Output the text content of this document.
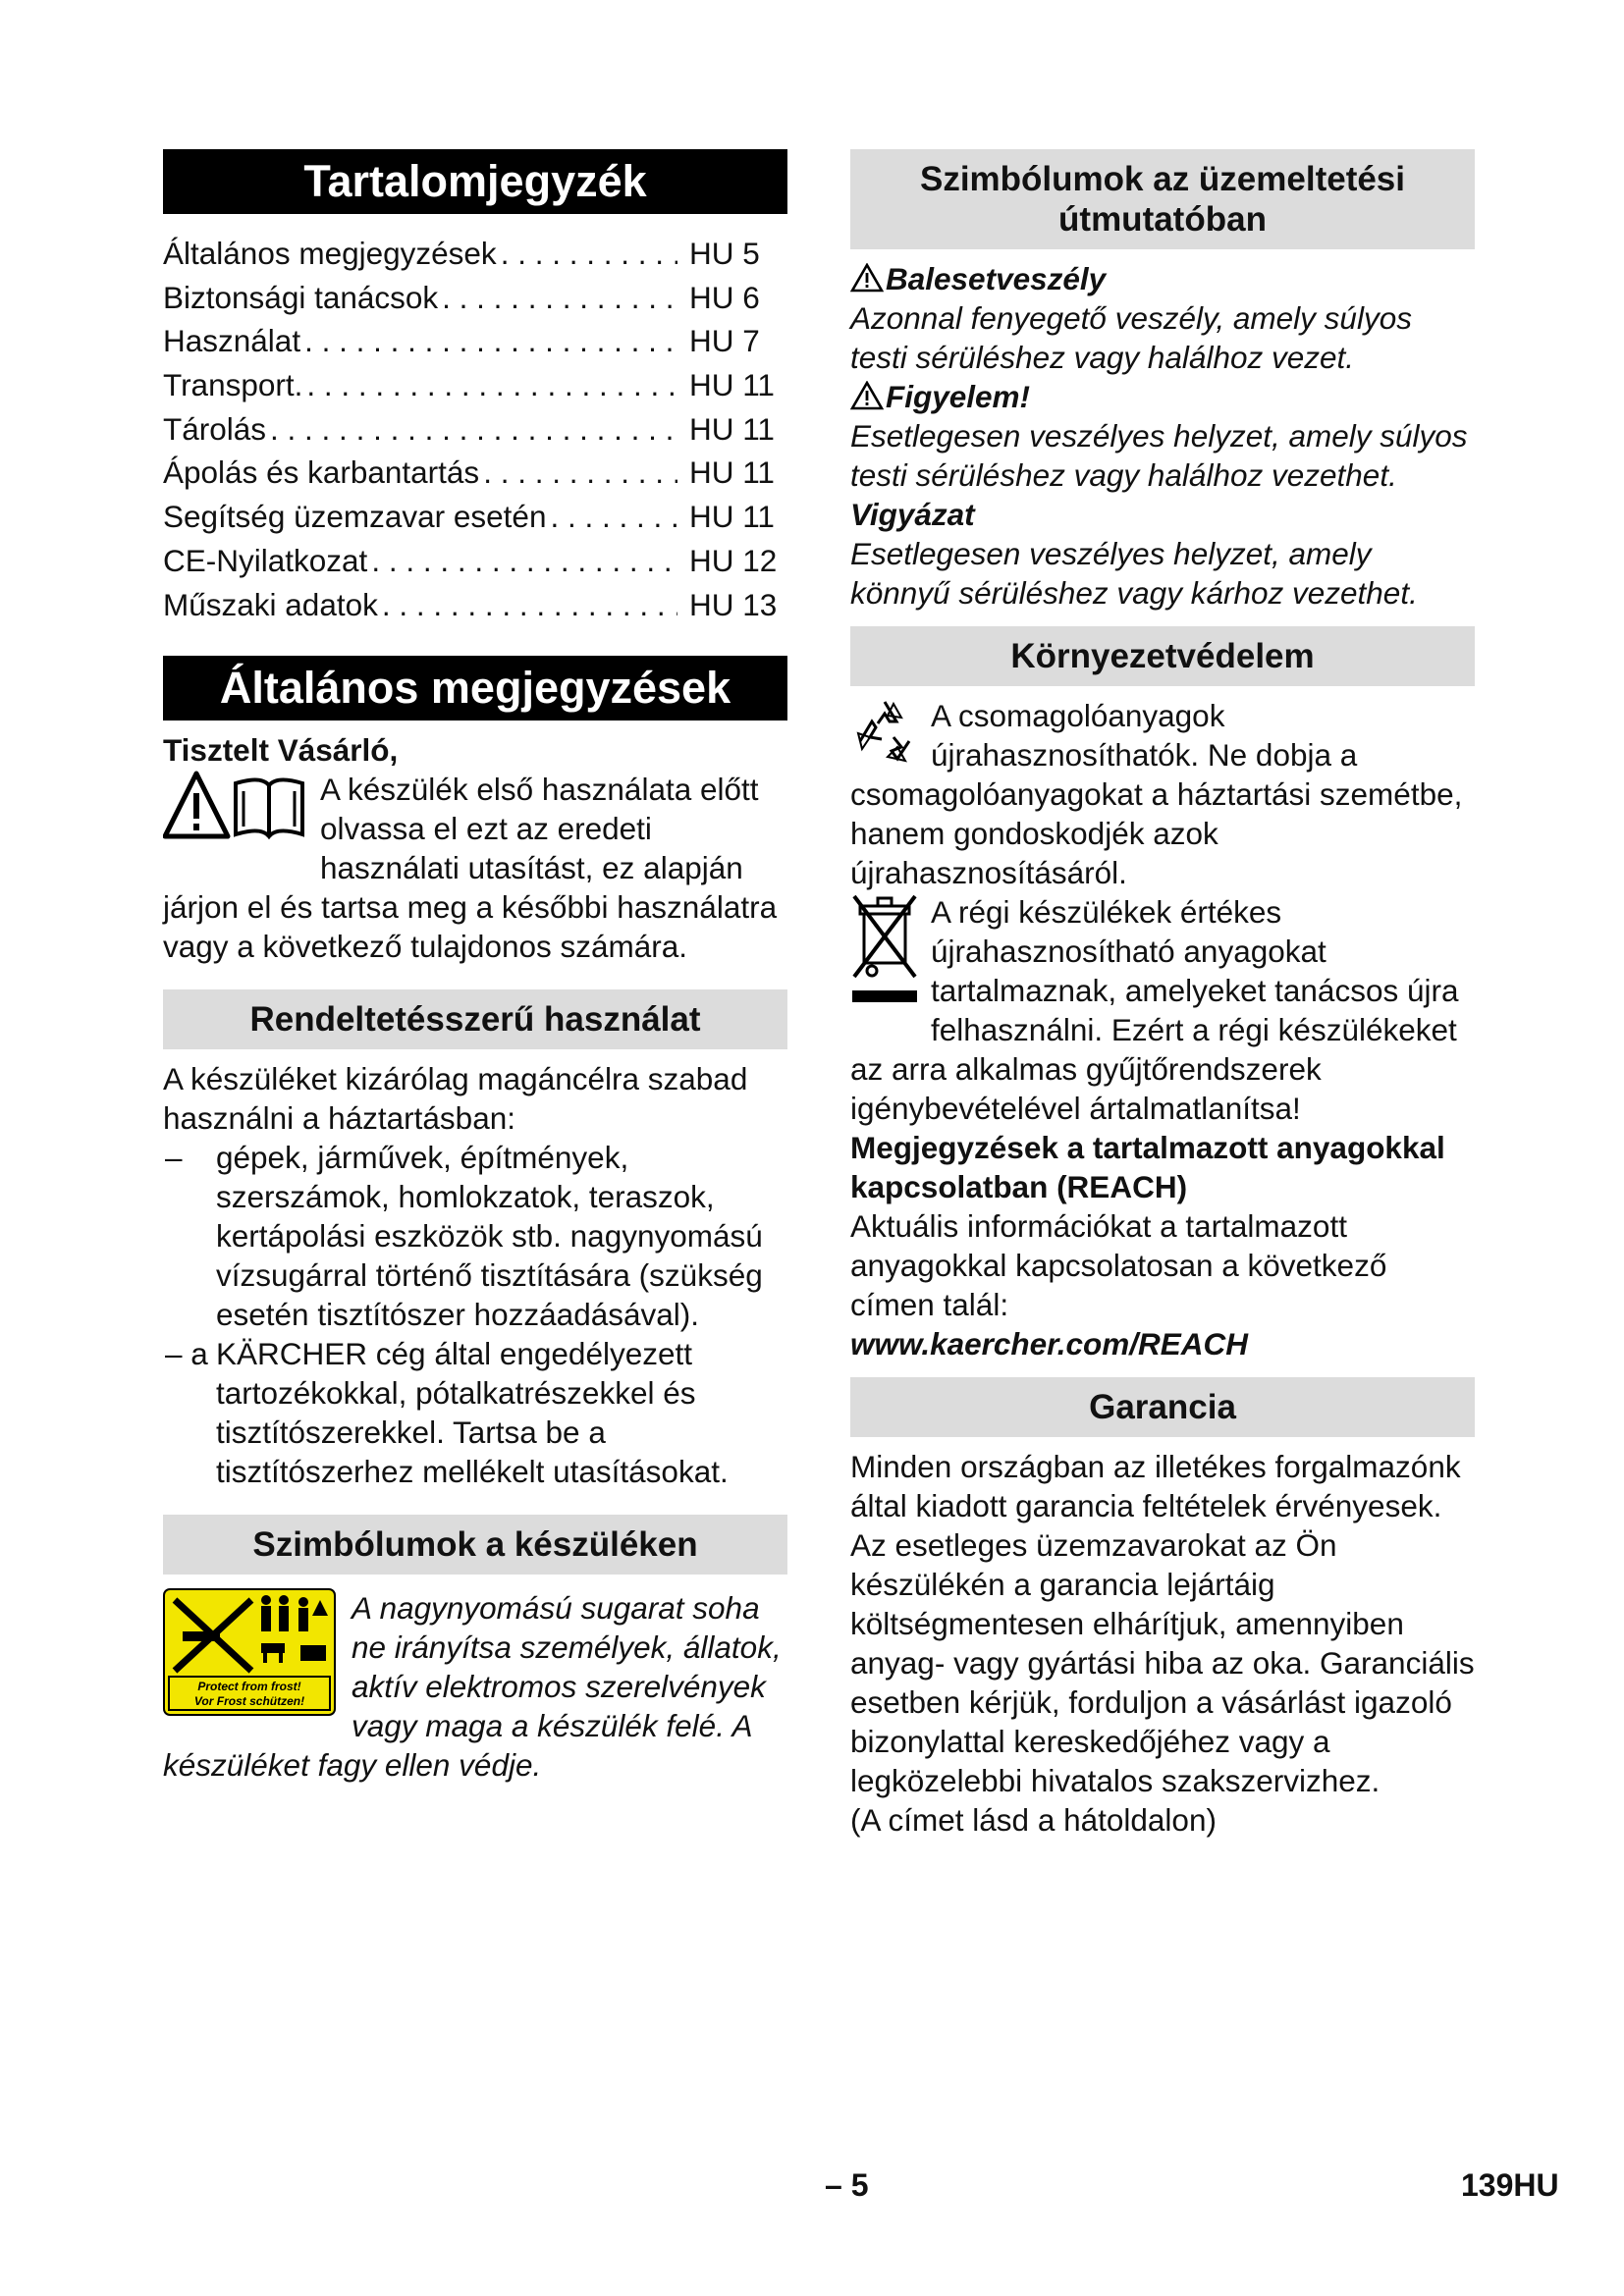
Tartalomjegyzék
Általános megjegyzések . . .	HU 5
Biztonsági tanácsok . . .	HU 6
Használat . . .	HU 7
Transport. . . .	HU 11
Tárolás . . .	HU 11
Ápolás és karbantartás . . .	HU 11
Segítség üzemzavar esetén . . .	HU 11
CE-Nyilatkozat . . .	HU 12
Műszaki adatok . . .	HU 13
Általános megjegyzések

Tisztelt Vásárló,

A készülék első használata előtt olvassa el ezt az eredeti használati utasítást, ez alapján járjon el és tartsa meg a későbbi használatra vagy a következő tulajdonos számára.
Rendeltetésszerű használat

A készüléket kizárólag magáncélra szabad használni a háztartásban:

– gépek, járművek, építmények, szerszámok, homlokzatok, teraszok, kertápolási eszközök stb. nagynyomású vízsugárral történő tisztítására (szükség esetén tisztítószer hozzáadásával).
– a KÄRCHER cég által engedélyezett tartozékokkal, pótalkatrészekkel és tisztítószerekkel. Tartsa be a tisztítószerhez mellékelt utasításokat.
Szimbólumok a készüléken
Protect from frost!
Vor Frost schützen!
A nagynyomású sugarat soha ne irányítsa személyek, állatok, aktív elektromos szerelvények vagy maga a készülék felé. A készüléket fagy ellen védje.
Szimbólumok az üzemeltetési útmutatóban

Balesetveszély

Azonnal fenyegető veszély, amely súlyos testi sérüléshez vagy halálhoz vezet.

Figyelem!

Esetlegesen veszélyes helyzet, amely súlyos testi sérüléshez vagy halálhoz vezethet.

Vigyázat

Esetlegesen veszélyes helyzet, amely könnyű sérüléshez vagy kárhoz vezethet.

Környezetvédelem
A csomagolóanyagok újrahasznosíthatók. Ne dobja a csomagolóanyagokat a háztartási szemétbe, hanem gondoskodjék azok újrahasznosításáról.
A régi készülékek értékes újrahasznosítható anyagokat tartalmaznak, amelyeket tanácsos újra felhasználni. Ezért a régi készülékeket az arra alkalmas gyűjtőrendszerek igénybevételével ártalmatlanítsa!

Megjegyzések a tartalmazott anyagokkal kapcsolatban (REACH)

Aktuális információkat a tartalmazott anyagokkal kapcsolatosan a következő címen talál:

www.kaercher.com/REACH

Garancia

Minden országban az illetékes forgalmazónk által kiadott garancia feltételek érvényesek. Az esetleges üzemzavarokat az Ön készülékén a garancia lejártáig költségmentesen elhárítjuk, amennyiben anyag- vagy gyártási hiba az oka. Garanciális esetben kérjük, forduljon a vásárlást igazoló bizonylattal kereskedőjéhez vagy a legközelebbi hivatalos szakszervizhez.

(A címet lásd a hátoldalon)

– 5	139HU
